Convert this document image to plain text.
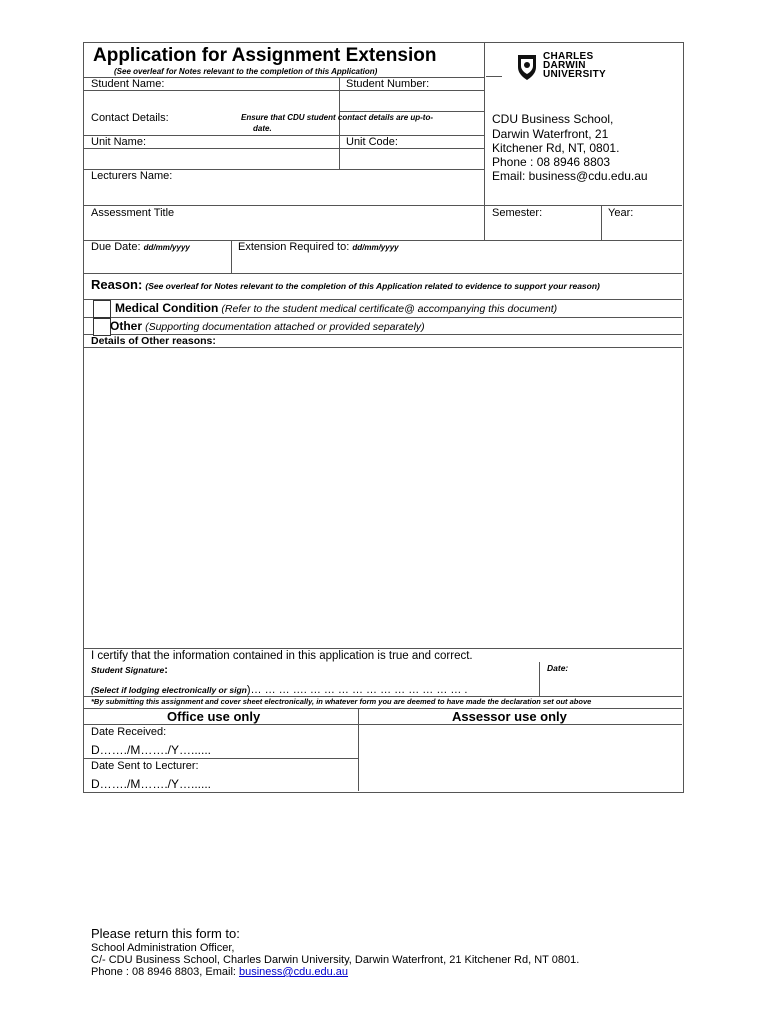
Application for Assignment Extension
(See overleaf for Notes relevant to the completion of this Application)
CHARLES
DARWIN
UNIVERSITY
Student Name:	Student Number:
Contact Details:	Ensure that CDU student contact details are up-to-
date.
Unit Name:	Unit Code:
Lecturers Name:
Assessment Title	Semester:	Year:
Due Date: dd/mm/yyyy	Extension Required to: dd/mm/yyyy
CDU Business School,
Darwin Waterfront, 21
Kitchener Rd, NT, 0801.
Phone : 08 8946 8803
Email: business@cdu.edu.au
Reason: (See overleaf for Notes relevant to the completion of this Application related to evidence to support your reason)
Medical Condition (Refer to the student medical certificate@ accompanying this document)
Other (Supporting documentation attached or provided separately)
Details of Other reasons:
I certify that the information contained in this application is true and correct.
Student Signature:	Date:
(Select if lodging electronically or sign)… … … …. … … … … … … … … … … … .
*By submitting this assignment and cover sheet electronically, in whatever form you are deemed to have made the declaration set out above
Office use only	Assessor use only
Date Received:
D……./M……./Y…......
Date Sent to Lecturer:
D……./M……./Y…......
Please return this form to:
School Administration Officer,
C/- CDU Business School, Charles Darwin University, Darwin Waterfront, 21 Kitchener Rd, NT 0801.
Phone : 08 8946 8803, Email: business@cdu.edu.au
